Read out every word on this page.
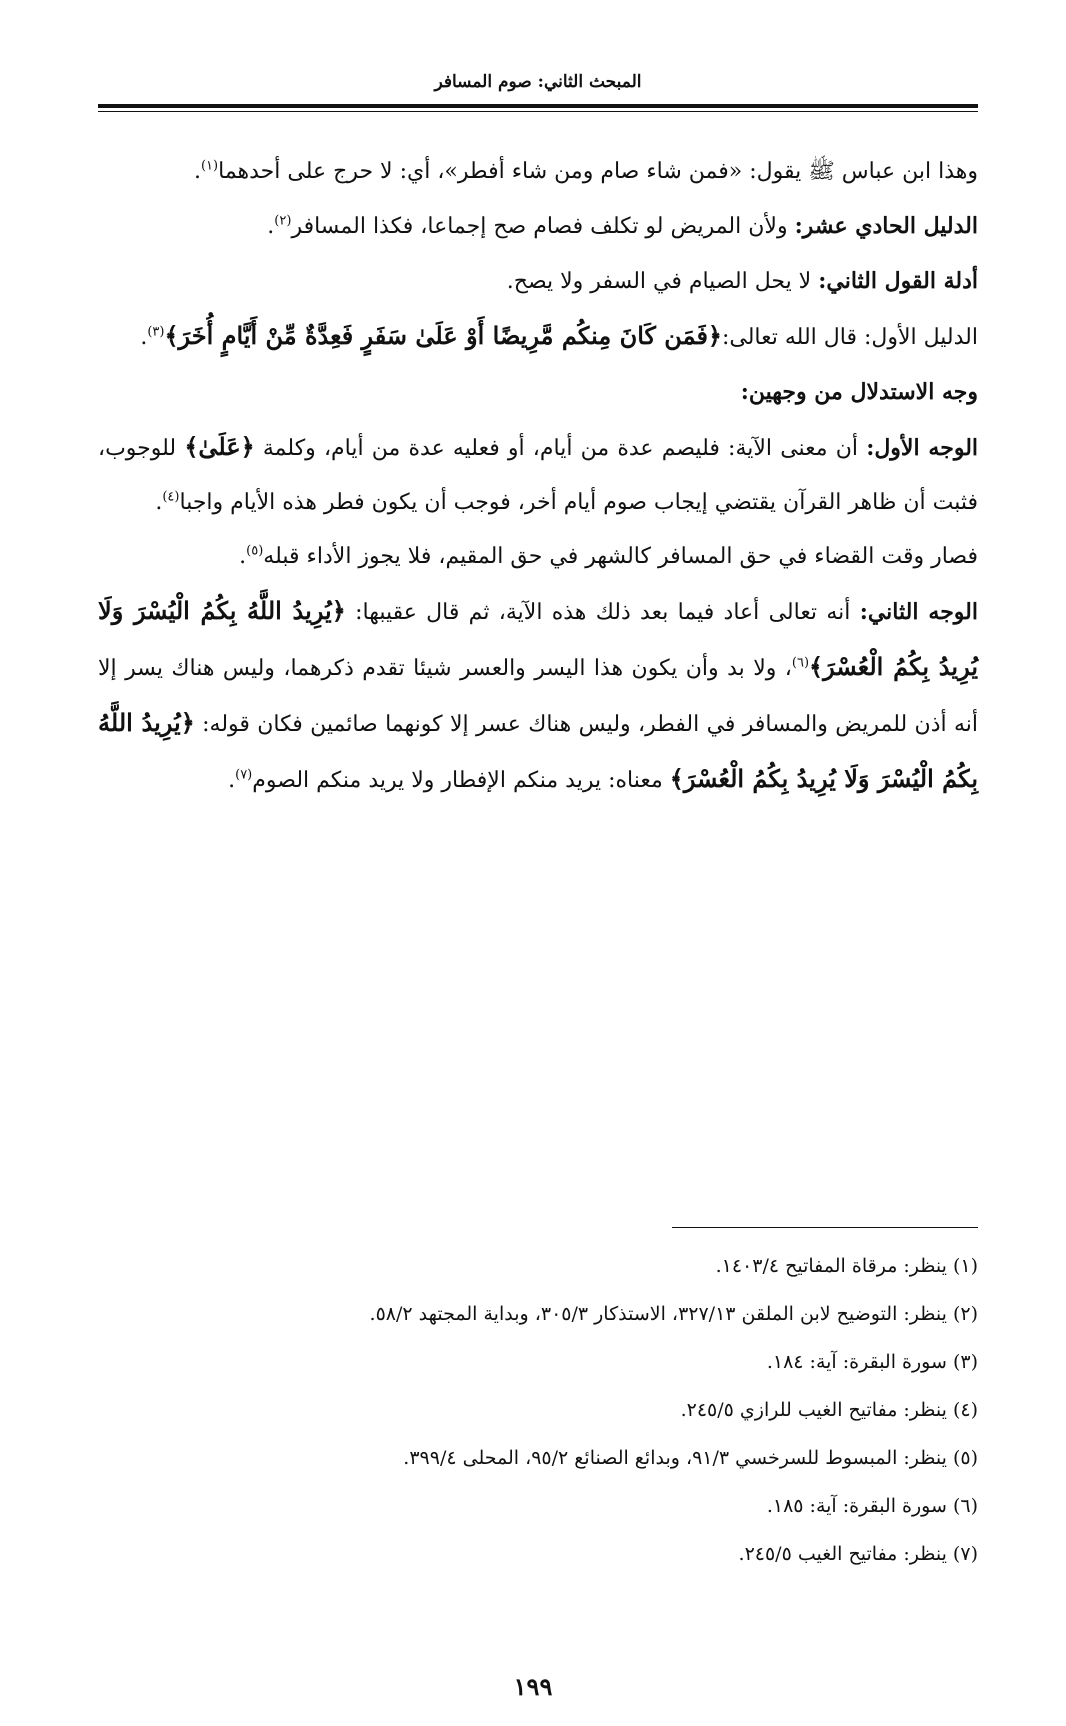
المبحث الثاني: صوم المسافر

وهذا ابن عباس ﷺ يقول: «فمن شاء صام ومن شاء أفطر»، أي: لا حرج على أحدهما$^{(١)}$.

الدليل الحادي عشر: ولأن المريض لو تكلف فصام صح إجماعا، فكذا المسافر$^{(٢)}$.

أدلة القول الثاني: لا يحل الصيام في السفر ولا يصح.

الدليل الأول: قال الله تعالى:﴿فَمَن كَانَ مِنكُم مَّرِيضًا أَوْ عَلَىٰ سَفَرٍ فَعِدَّةٌ مِّنْ أَيَّامٍ أُخَرَ﴾$^{(٣)}$.

وجه الاستدلال من وجهين:

الوجه الأول: أن معنى الآية: فليصم عدة من أيام، أو فعليه عدة من أيام، وكلمة ﴿عَلَىٰ﴾ للوجوب، فثبت أن ظاهر القرآن يقتضي إيجاب صوم أيام أخر، فوجب أن يكون فطر هذه الأيام واجبا$^{(٤)}$.

فصار وقت القضاء في حق المسافر كالشهر في حق المقيم، فلا يجوز الأداء قبله$^{(٥)}$.

الوجه الثاني: أنه تعالى أعاد فيما بعد ذلك هذه الآية، ثم قال عقيبها: ﴿يُرِيدُ اللَّهُ بِكُمُ الْيُسْرَ وَلَا يُرِيدُ بِكُمُ الْعُسْرَ﴾$^{(٦)}$، ولا بد وأن يكون هذا اليسر والعسر شيئا تقدم ذكرهما، وليس هناك يسر إلا أنه أذن للمريض والمسافر في الفطر، وليس هناك عسر إلا كونهما صائمين فكان قوله: ﴿يُرِيدُ اللَّهُ بِكُمُ الْيُسْرَ وَلَا يُرِيدُ بِكُمُ الْعُسْرَ﴾ معناه: يريد منكم الإفطار ولا يريد منكم الصوم$^{(٧)}$.

(١) ينظر: مرقاة المفاتيح ١٤٠٣/٤.
(٢) ينظر: التوضيح لابن الملقن ٣٢٧/١٣، الاستذكار ٣٠٥/٣، وبداية المجتهد ٥٨/٢.
(٣) سورة البقرة: آية: ١٨٤.
(٤) ينظر: مفاتيح الغيب للرازي ٢٤٥/٥.
(٥) ينظر: المبسوط للسرخسي ٩١/٣، وبدائع الصنائع ٩٥/٢، المحلى ٣٩٩/٤.
(٦) سورة البقرة: آية: ١٨٥.
(٧) ينظر: مفاتيح الغيب ٢٤٥/٥.
١٩٩
